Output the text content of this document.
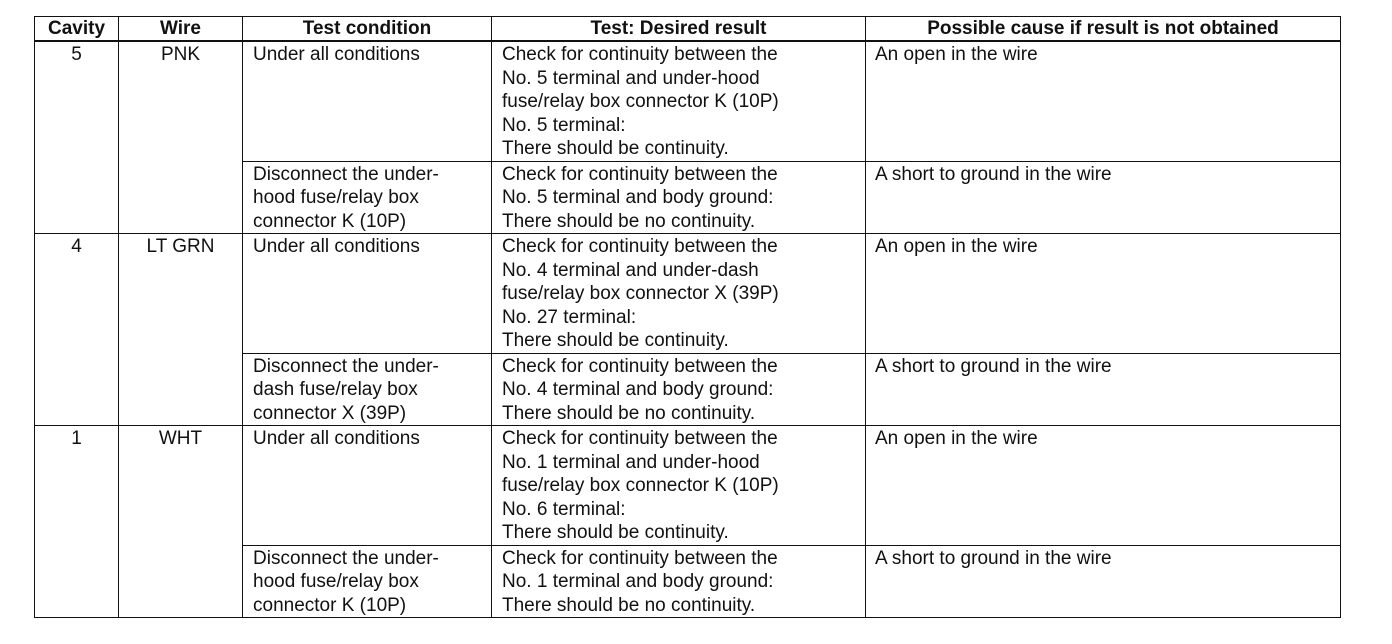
Cavity	Wire	Test condition	Test: Desired result	Possible cause if result is not obtained
5	PNK	Under all conditions	Check for continuity between the
No. 5 terminal and under-hood
fuse/relay box connector K (10P)
No. 5 terminal:
There should be continuity.	An open in the wire

		Disconnect the under-
hood fuse/relay box
connector K (10P)	Check for continuity between the
No. 5 terminal and body ground:
There should be no continuity.	A short to ground in the wire

4	LT GRN	Under all conditions	Check for continuity between the
No. 4 terminal and under-dash
fuse/relay box connector X (39P)
No. 27 terminal:
There should be continuity.	An open in the wire

		Disconnect the under-
dash fuse/relay box
connector X (39P)	Check for continuity between the
No. 4 terminal and body ground:
There should be no continuity.	A short to ground in the wire

1	WHT	Under all conditions	Check for continuity between the
No. 1 terminal and under-hood
fuse/relay box connector K (10P)
No. 6 terminal:
There should be continuity.	An open in the wire

		Disconnect the under-
hood fuse/relay box
connector K (10P)	Check for continuity between the
No. 1 terminal and body ground:
There should be no continuity.	A short to ground in the wire
